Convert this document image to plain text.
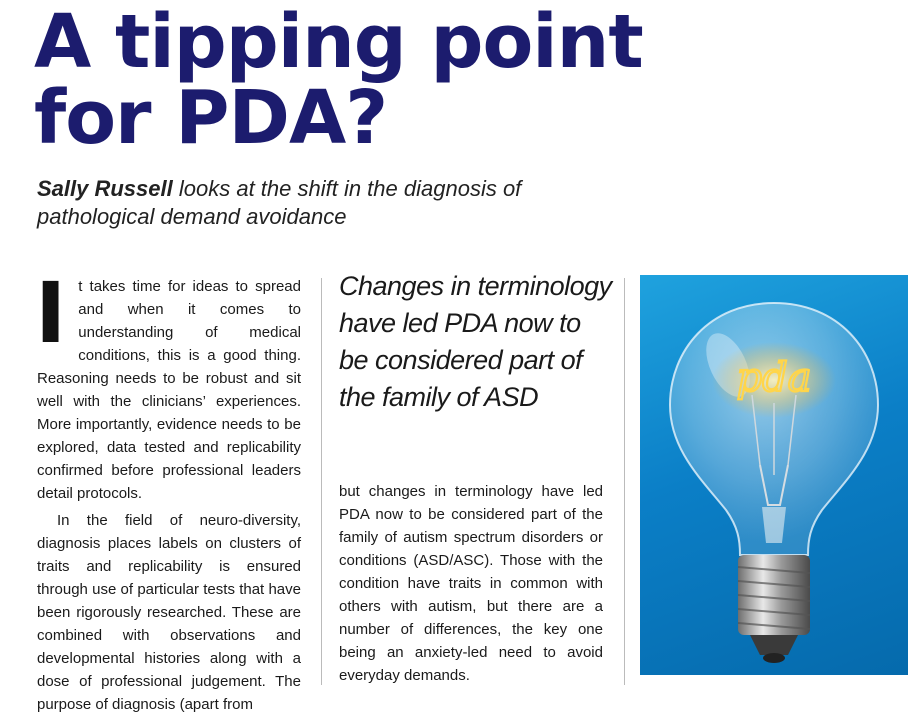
A tipping point for PDA?

Sally Russell looks at the shift in the diagnosis of pathological demand avoidance

It takes time for ideas to spread and when it comes to understanding of medical conditions, this is a good thing. Reasoning needs to be robust and sit well with the clinicians’ experiences. More importantly, evidence needs to be explored, data tested and replicability confirmed before professional leaders detail protocols.

In the field of neuro-diversity, diagnosis places labels on clusters of traits and replicability is ensured through use of particular tests that have been rigorously researched. These are combined with observations and developmental histories along with a dose of professional judgement. The purpose of diagnosis (apart from

Changes in terminology have led PDA now to be considered part of the family of ASD

but changes in terminology have led PDA now to be considered part of the family of autism spectrum disorders or conditions (ASD/ASC). Those with the condition have traits in common with others with autism, but there are a number of differences, the key one being an anxiety-led need to avoid everyday demands.

pda
